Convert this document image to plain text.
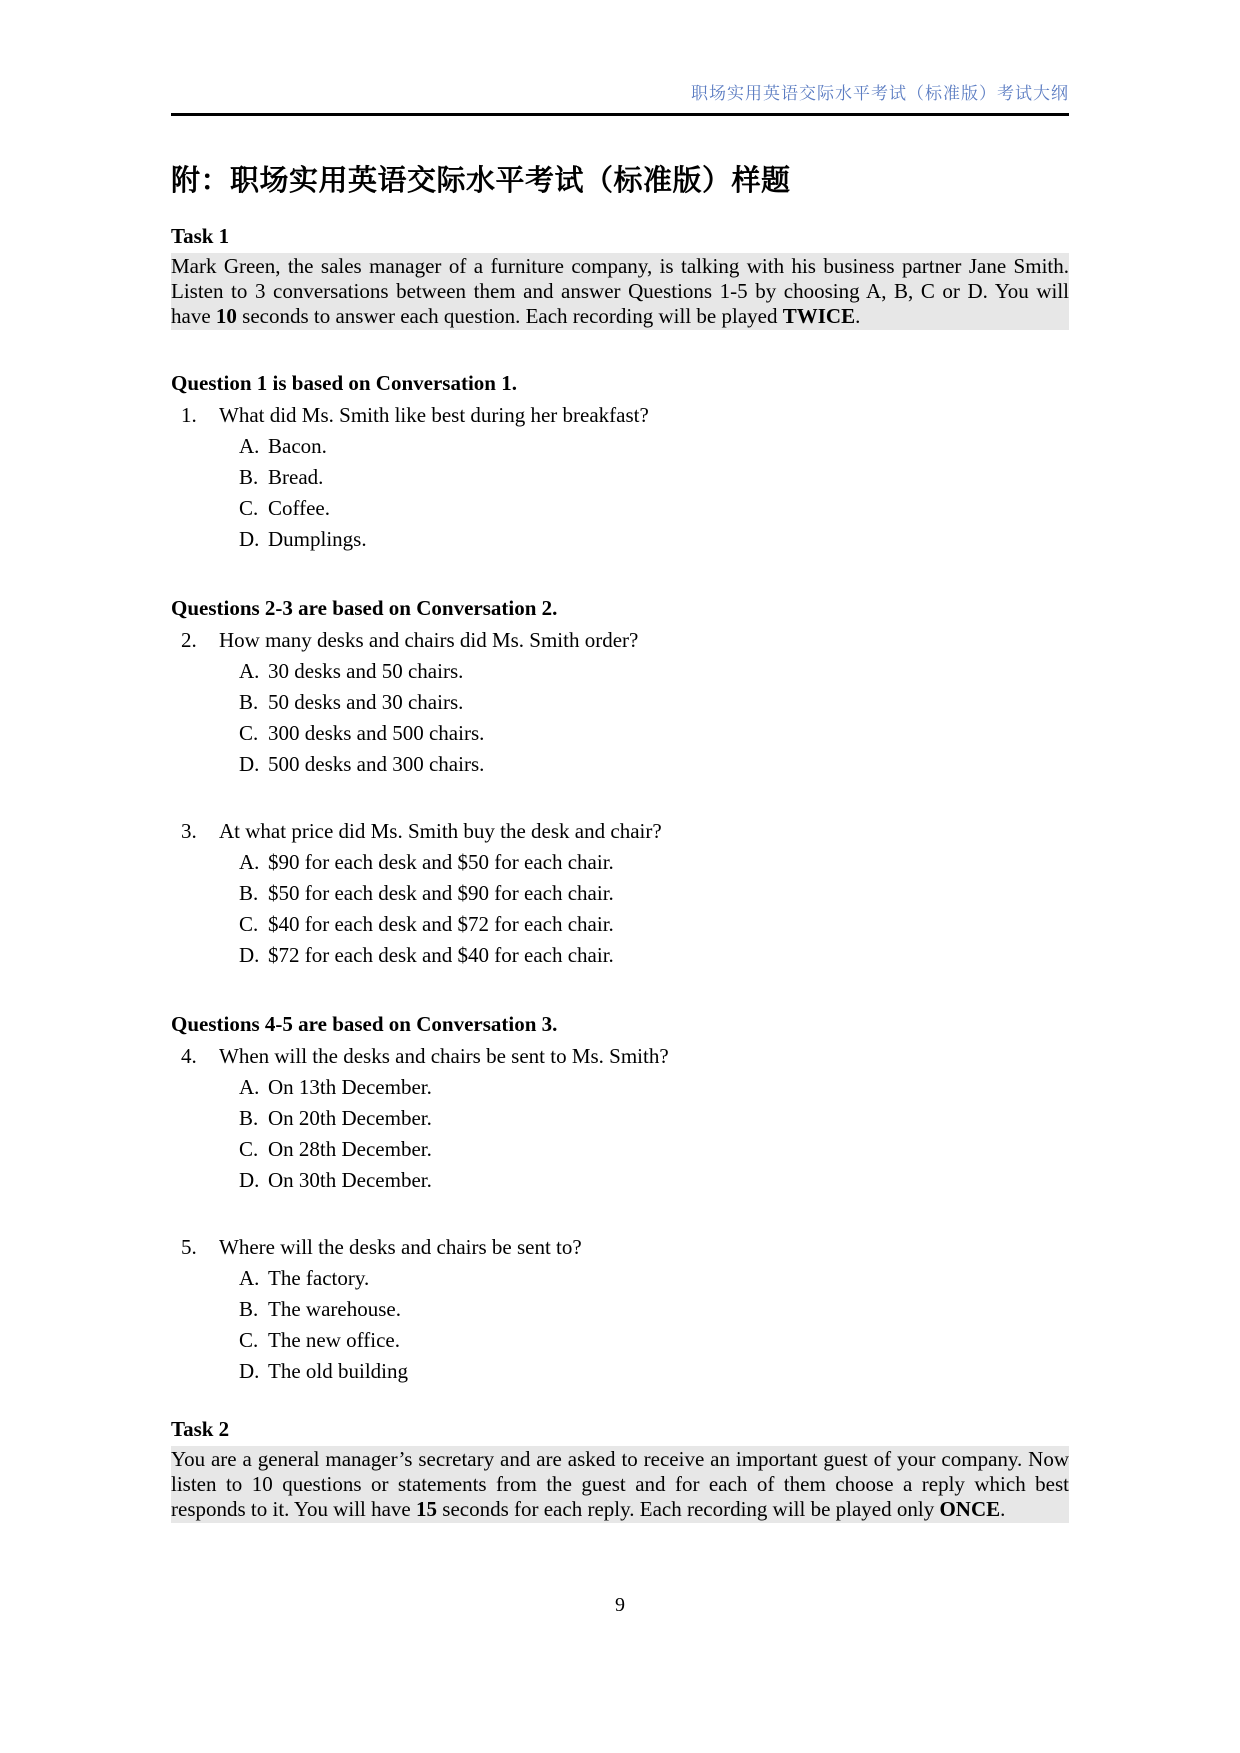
职场实用英语交际水平考试（标准版）考试大纲
附：职场实用英语交际水平考试（标准版）样题
Task 1

Mark Green, the sales manager of a furniture company, is talking with his business partner Jane Smith. Listen to 3 conversations between them and answer Questions 1-5 by choosing A, B, C or D. You will have 10 seconds to answer each question. Each recording will be played TWICE.

Question 1 is based on Conversation 1.
1.	What did Ms. Smith like best during her breakfast?
A. Bacon.
B. Bread.
C. Coffee.
D. Dumplings.
Questions 2-3 are based on Conversation 2.
2.	How many desks and chairs did Ms. Smith order?
A. 30 desks and 50 chairs.
B. 50 desks and 30 chairs.
C. 300 desks and 500 chairs.
D. 500 desks and 300 chairs.
3.	At what price did Ms. Smith buy the desk and chair?
A. $90 for each desk and $50 for each chair.
B. $50 for each desk and $90 for each chair.
C. $40 for each desk and $72 for each chair.
D. $72 for each desk and $40 for each chair.
Questions 4-5 are based on Conversation 3.
4.	When will the desks and chairs be sent to Ms. Smith?
A. On 13th December.
B. On 20th December.
C. On 28th December.
D. On 30th December.
5.	Where will the desks and chairs be sent to?
A. The factory.
B. The warehouse.
C. The new office.
D. The old building
Task 2

You are a general manager’s secretary and are asked to receive an important guest of your company. Now listen to 10 questions or statements from the guest and for each of them choose a reply which best responds to it. You will have 15 seconds for each reply. Each recording will be played only ONCE.

9
